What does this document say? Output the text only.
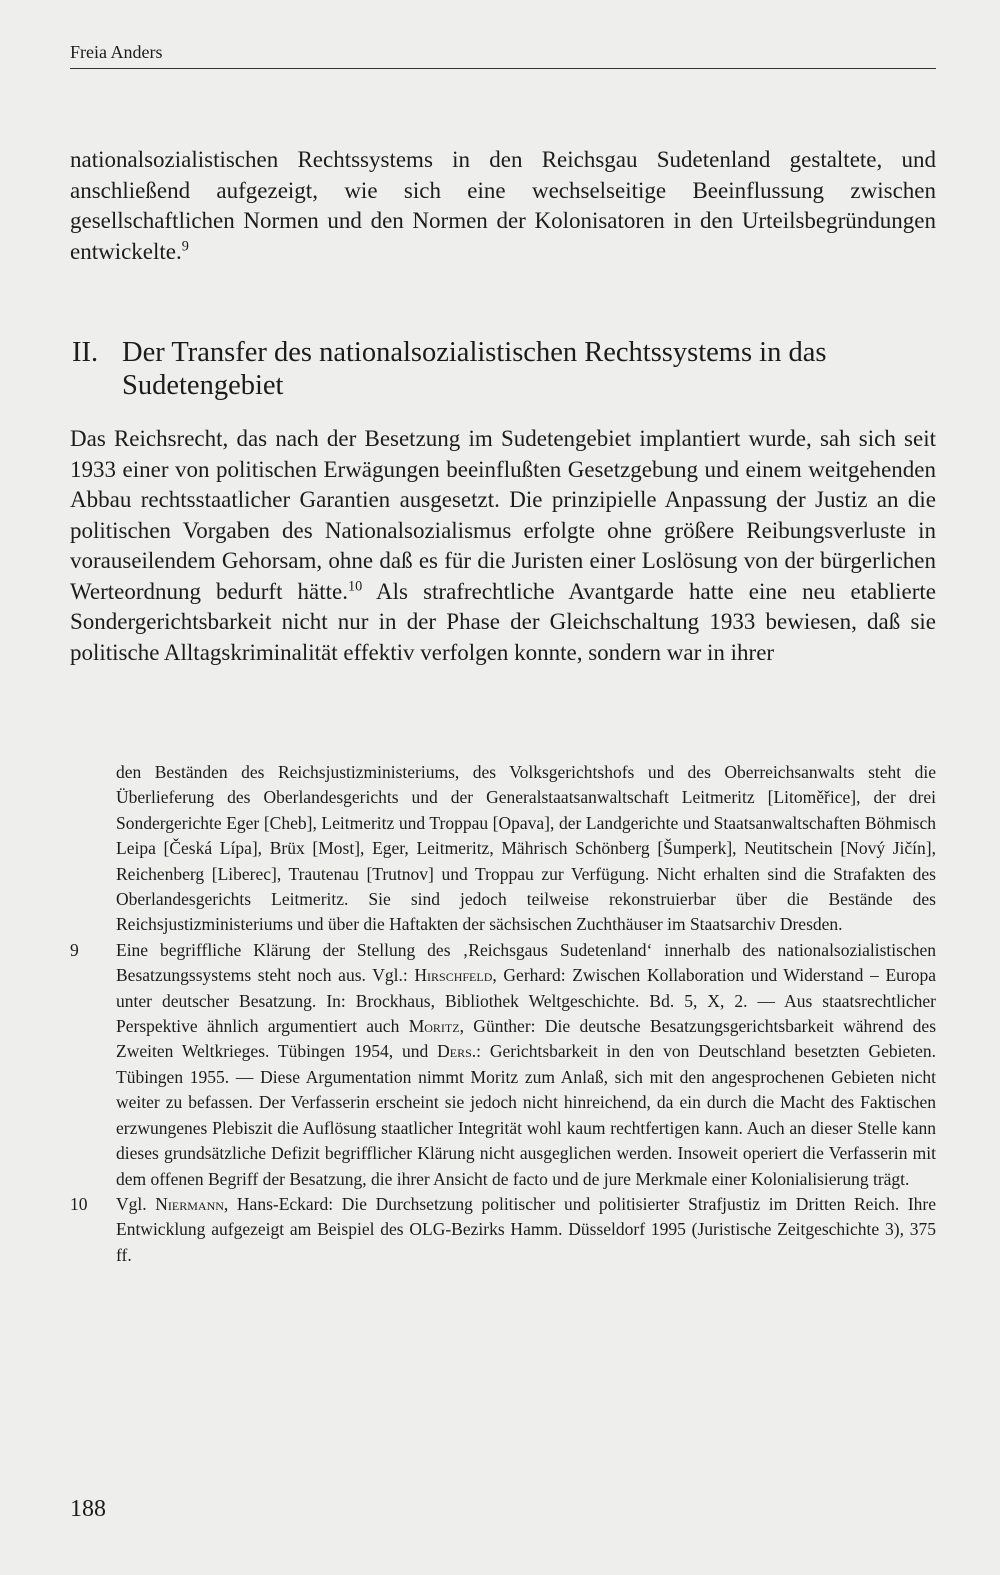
Freia Anders

nationalsozialistischen Rechtssystems in den Reichsgau Sudetenland gestaltete, und anschließend aufgezeigt, wie sich eine wechselseitige Beeinflussung zwischen gesellschaftlichen Normen und den Normen der Kolonisatoren in den Urteilsbegründungen entwickelte.$^9$

II. Der Transfer des nationalsozialistischen Rechtssystems in das Sudetengebiet

Das Reichsrecht, das nach der Besetzung im Sudetengebiet implantiert wurde, sah sich seit 1933 einer von politischen Erwägungen beeinflußten Gesetzgebung und einem weitgehenden Abbau rechtsstaatlicher Garantien ausgesetzt. Die prinzipielle Anpassung der Justiz an die politischen Vorgaben des Nationalsozialismus erfolgte ohne größere Reibungsverluste in vorauseilendem Gehorsam, ohne daß es für die Juristen einer Loslösung von der bürgerlichen Werteordnung bedurft hätte.$^{10}$ Als strafrechtliche Avantgarde hatte eine neu etablierte Sondergerichtsbarkeit nicht nur in der Phase der Gleichschaltung 1933 bewiesen, daß sie politische Alltagskriminalität effektiv verfolgen konnte, sondern war in ihrer

den Beständen des Reichsjustizministeriums, des Volksgerichtshofs und des Oberreichsanwalts steht die Überlieferung des Oberlandesgerichts und der Generalstaatsanwaltschaft Leitmeritz [Litoměřice], der drei Sondergerichte Eger [Cheb], Leitmeritz und Troppau [Opava], der Landgerichte und Staatsanwaltschaften Böhmisch Leipa [Česká Lípa], Brüx [Most], Eger, Leitmeritz, Mährisch Schönberg [Šumperk], Neutitschein [Nový Jičín], Reichenberg [Liberec], Trautenau [Trutnov] und Troppau zur Verfügung. Nicht erhalten sind die Strafakten des Oberlandesgerichts Leitmeritz. Sie sind jedoch teilweise rekonstruierbar über die Bestände des Reichsjustizministeriums und über die Haftakten der sächsischen Zuchthäuser im Staatsarchiv Dresden.
9	Eine begriffliche Klärung der Stellung des ‚Reichsgaus Sudetenland‘ innerhalb des nationalsozialistischen Besatzungssystems steht noch aus. Vgl.: Hirschfeld, Gerhard: Zwischen Kollaboration und Widerstand – Europa unter deutscher Besatzung. In: Brockhaus, Bibliothek Weltgeschichte. Bd. 5, X, 2. — Aus staatsrechtlicher Perspektive ähnlich argumentiert auch Moritz, Günther: Die deutsche Besatzungsgerichtsbarkeit während des Zweiten Weltkrieges. Tübingen 1954, und Ders.: Gerichtsbarkeit in den von Deutschland besetzten Gebieten. Tübingen 1955. — Diese Argumentation nimmt Moritz zum Anlaß, sich mit den angesprochenen Gebieten nicht weiter zu befassen. Der Verfasserin erscheint sie jedoch nicht hinreichend, da ein durch die Macht des Faktischen erzwungenes Plebiszit die Auflösung staatlicher Integrität wohl kaum rechtfertigen kann. Auch an dieser Stelle kann dieses grundsätzliche Defizit begrifflicher Klärung nicht ausgeglichen werden. Insoweit operiert die Verfasserin mit dem offenen Begriff der Besatzung, die ihrer Ansicht de facto und de jure Merkmale einer Kolonialisierung trägt.
10	Vgl. Niermann, Hans-Eckard: Die Durchsetzung politischer und politisierter Strafjustiz im Dritten Reich. Ihre Entwicklung aufgezeigt am Beispiel des OLG-Bezirks Hamm. Düsseldorf 1995 (Juristische Zeitgeschichte 3), 375 ff.
188
